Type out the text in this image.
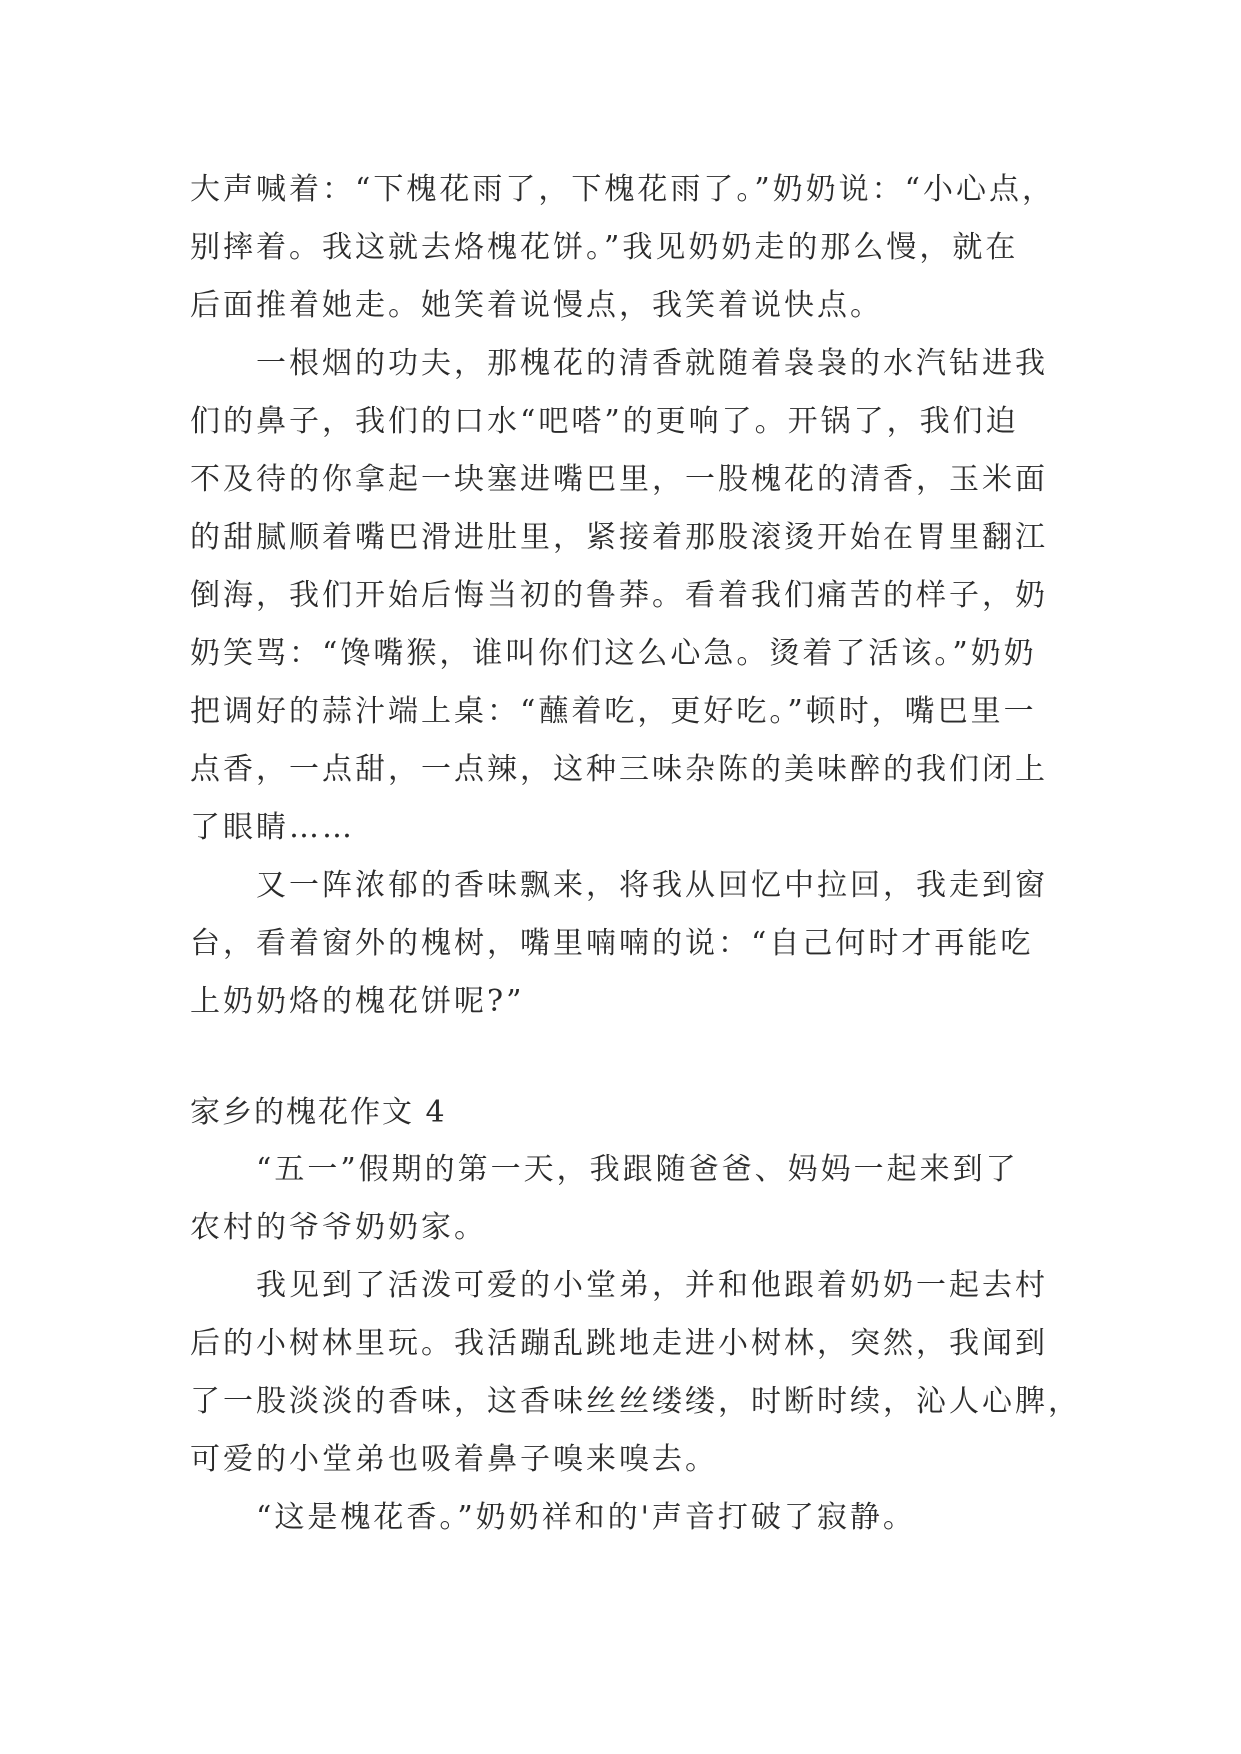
大声喊着：“下槐花雨了，下槐花雨了。”奶奶说：“小心点，
别摔着。我这就去烙槐花饼。”我见奶奶走的那么慢，就在
后面推着她走。她笑着说慢点，我笑着说快点。
一根烟的功夫，那槐花的清香就随着袅袅的水汽钻进我
们的鼻子，我们的口水“吧嗒”的更响了。开锅了，我们迫
不及待的你拿起一块塞进嘴巴里，一股槐花的清香，玉米面
的甜腻顺着嘴巴滑进肚里，紧接着那股滚烫开始在胃里翻江
倒海，我们开始后悔当初的鲁莽。看着我们痛苦的样子，奶
奶笑骂：“馋嘴猴，谁叫你们这么心急。烫着了活该。”奶奶
把调好的蒜汁端上桌：“蘸着吃，更好吃。”顿时，嘴巴里一
点香，一点甜，一点辣，这种三味杂陈的美味醉的我们闭上
了眼睛……
又一阵浓郁的香味飘来，将我从回忆中拉回，我走到窗
台，看着窗外的槐树，嘴里喃喃的说：“自己何时才再能吃
上奶奶烙的槐花饼呢?”
家乡的槐花作文 4
“五一”假期的第一天，我跟随爸爸、妈妈一起来到了
农村的爷爷奶奶家。
我见到了活泼可爱的小堂弟，并和他跟着奶奶一起去村
后的小树林里玩。我活蹦乱跳地走进小树林，突然，我闻到
了一股淡淡的香味，这香味丝丝缕缕，时断时续，沁人心脾，
可爱的小堂弟也吸着鼻子嗅来嗅去。
“这是槐花香。”奶奶祥和的'声音打破了寂静。
